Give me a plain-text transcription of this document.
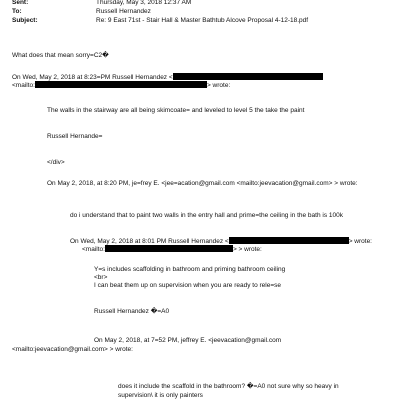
Sent:	Thursday, May 3, 2018 12:37 AM
To:	Russell Hernandez
Subject:	Re: 9 East 71st - Stair Hall & Master Bathtub Alcove Proposal 4-12-18.pdf
What does that mean sorry=C2�
On Wed, May 2, 2018 at 8:23=PM Russell Hernandez <
<mailto:	> wrote:
The walls in the stairway are all being skimcoate= and leveled to level 5 the take the paint
Russell Hernande=
</div>
On May 2, 2018, at 8:20 PM, je=frey E. <jee=acation@gmail.com <mailto:jeevacation@gmail.com> > wrote:
do i understand that to paint two walls in the entry hall and prime=the ceiling in the bath is 100k
On Wed, May 2, 2018 at 8:01 PM Russell Hernandez <	> wrote:
<mailto:	> > wrote:
Y=s includes scaffolding in bathroom and priming bathroom ceiling
<br>
I can beat them up on supervision when you are ready to rele=se
Russell Hernandez �=A0
On May 2, 2018, at 7=52 PM, jeffrey E. <jeevacation@gmail.com
<mailto:jeevacation@gmail.com> > wrote:
does it include the scaffold in the bathroom? �=A0 not sure why so heavy in
supervision\ it is only painters
